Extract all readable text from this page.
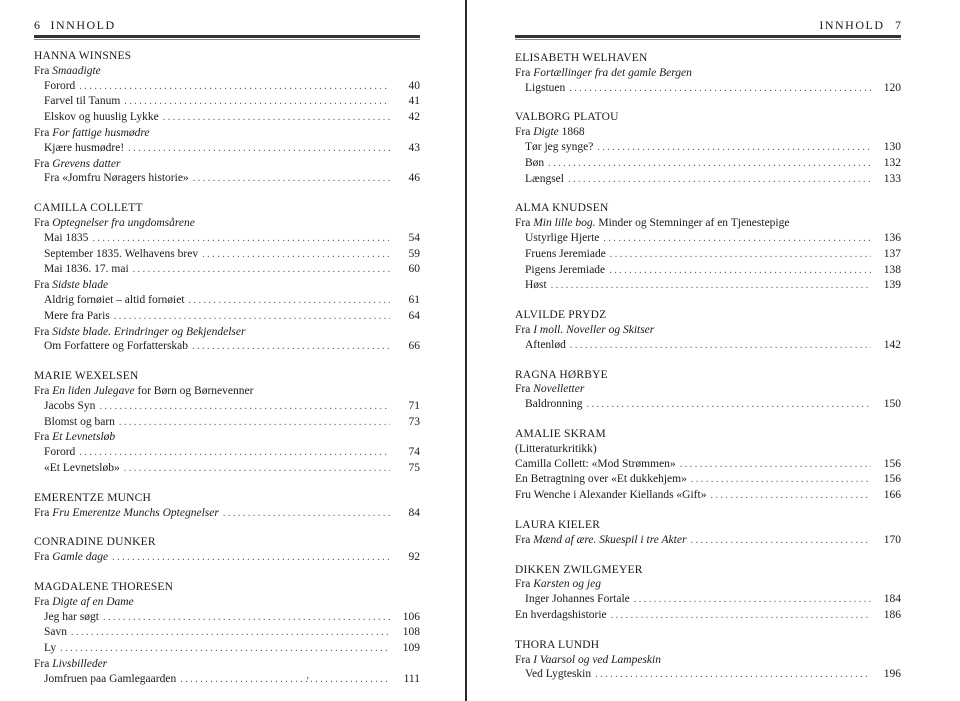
6 INNHOLD
HANNA WINSNES
Fra Smaadigte
Forord . . .	40
Farvel til Tanum . . .	41
Elskov og huuslig Lykke . . .	42
Fra For fattige husmødre
Kjære husmødre! . . .	43
Fra Grevens datter
Fra «Jomfru Nøragers historie» . . .	46
CAMILLA COLLETT
Fra Optegnelser fra ungdomsårene
Mai 1835 . . .	54
September 1835. Welhavens brev . . .	59
Mai 1836. 17. mai . . .	60
Fra Sidste blade
Aldrig fornøiet – altid fornøiet . . .	61
Mere fra Paris . . .	64
Fra Sidste blade. Erindringer og Bekjendelser
Om Forfattere og Forfatterskab . . .	66
MARIE WEXELSEN
Fra En liden Julegave for Børn og Børnevenner
Jacobs Syn . . .	71
Blomst og barn . . .	73
Fra Et Levnetsløb
Forord . . .	74
«Et Levnetsløb» . . .	75
EMERENTZE MUNCH
Fra Fru Emerentze Munchs Optegnelser . . .	84
CONRADINE DUNKER
Fra Gamle dage . . .	92
MAGDALENE THORESEN
Fra Digte af en Dame
Jeg har søgt . . .	106
Savn . . .	108
Ly . . .	109
Fra Livsbilleder
Jomfruen paa Gamlegaarden . . .	111
ʼ
INNHOLD 7
ELISABETH WELHAVEN
Fra Fortællinger fra det gamle Bergen
Ligstuen . . .	120
VALBORG PLATOU
Fra Digte 1868
Tør jeg synge? . . .	130
Bøn . . .	132
Længsel . . .	133
ALMA KNUDSEN
Fra Min lille bog. Minder og Stemninger af en Tjenestepige
Ustyrlige Hjerte . . .	136
Fruens Jeremiade . . .	137
Pigens Jeremiade . . .	138
Høst . . .	139
ALVILDE PRYDZ
Fra I moll. Noveller og Skitser
Aftenlød . . .	142
RAGNA HØRBYE
Fra Novelletter
Baldronning . . .	150
AMALIE SKRAM
(Litteraturkritikk)
Camilla Collett: «Mod Strømmen» . . .	156
En Betragtning over «Et dukkehjem» . . .	156
Fru Wenche i Alexander Kiellands «Gift» . . .	166
LAURA KIELER
Fra Mænd af ære. Skuespil i tre Akter . . .	170
DIKKEN ZWILGMEYER
Fra Karsten og jeg
Inger Johannes Fortale . . .	184
En hverdagshistorie . . .	186
THORA LUNDH
Fra I Vaarsol og ved Lampeskin
Ved Lygteskin . . .	196
